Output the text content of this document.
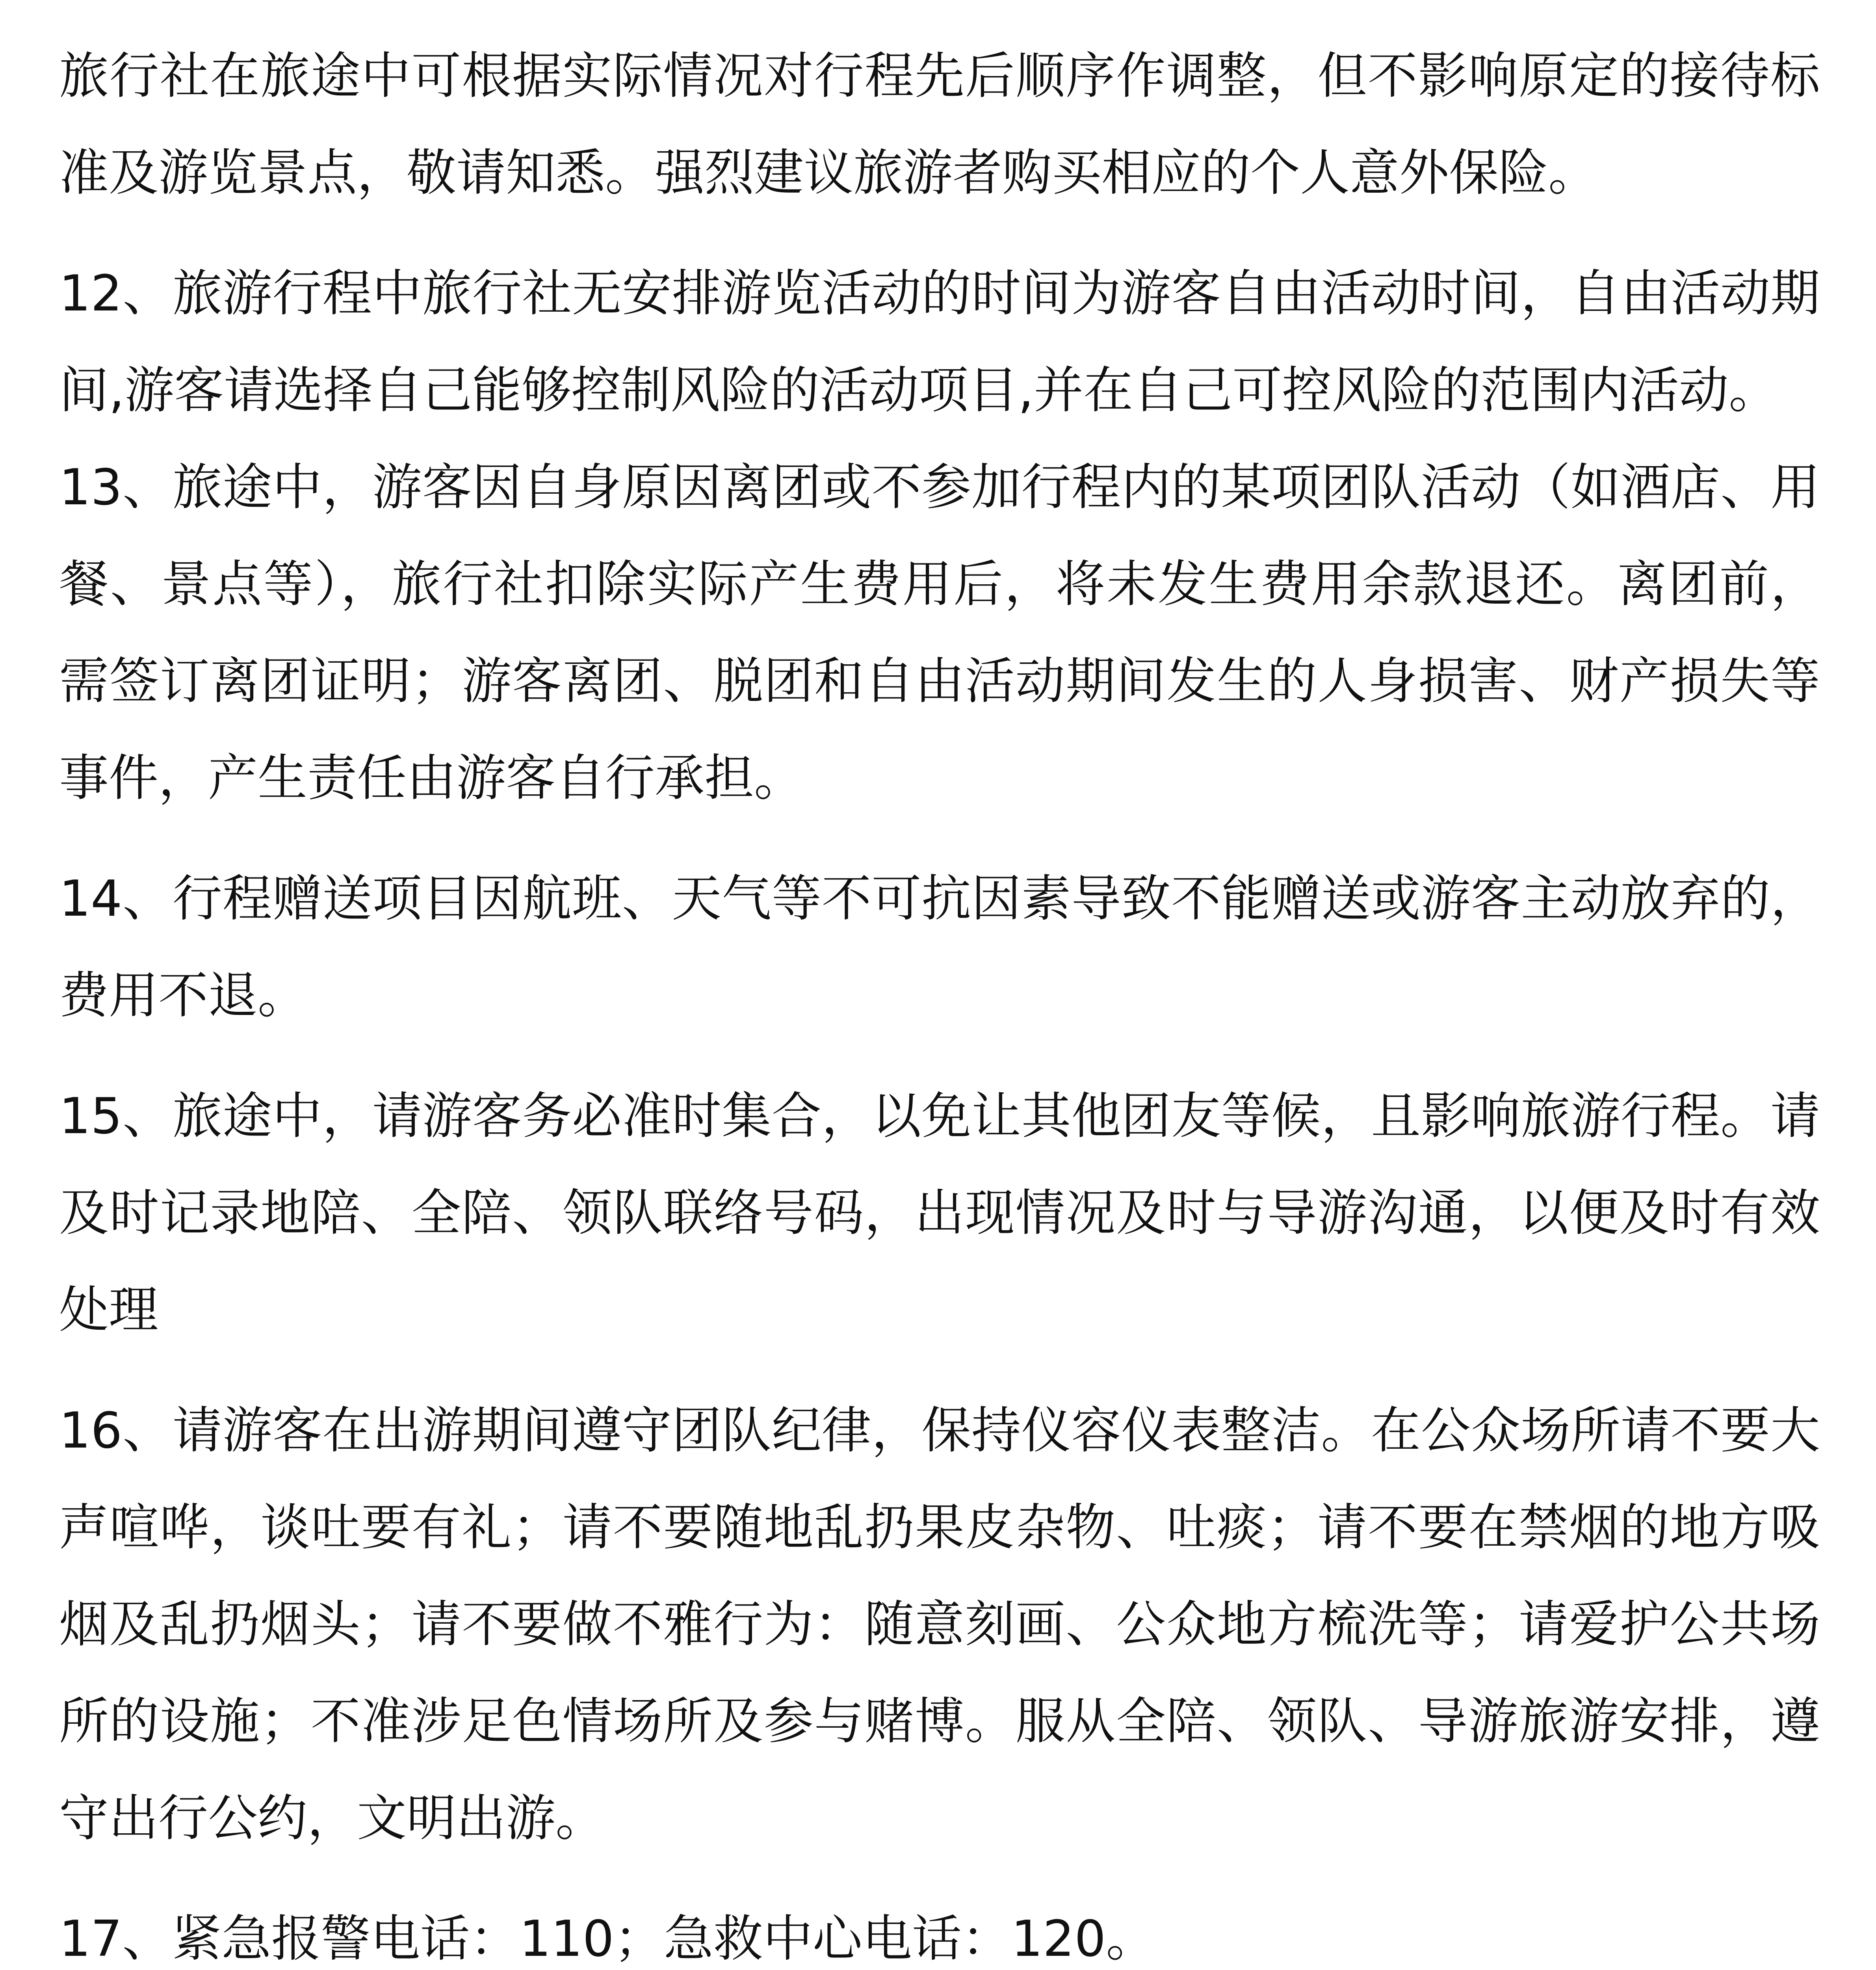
旅行社在旅途中可根据实际情况对行程先后顺序作调整，但不影响原定的接待标准及游览景点，敬请知悉。强烈建议旅游者购买相应的个人意外保险。

12、旅游行程中旅行社无安排游览活动的时间为游客自由活动时间，自由活动期间,游客请选择自己能够控制风险的活动项目,并在自己可控风险的范围内活动。

13、旅途中，游客因自身原因离团或不参加行程内的某项团队活动（如酒店、用餐、景点等），旅行社扣除实际产生费用后，将未发生费用余款退还。离团前，需签订离团证明；游客离团、脱团和自由活动期间发生的人身损害、财产损失等事件，产生责任由游客自行承担。

14、行程赠送项目因航班、天气等不可抗因素导致不能赠送或游客主动放弃的，费用不退。

15、旅途中，请游客务必准时集合，以免让其他团友等候，且影响旅游行程。请及时记录地陪、全陪、领队联络号码，出现情况及时与导游沟通，以便及时有效处理

16、请游客在出游期间遵守团队纪律，保持仪容仪表整洁。在公众场所请不要大声喧哗，谈吐要有礼；请不要随地乱扔果皮杂物、吐痰；请不要在禁烟的地方吸烟及乱扔烟头；请不要做不雅行为：随意刻画、公众地方梳洗等；请爱护公共场所的设施；不准涉足色情场所及参与赌博。服从全陪、领队、导游旅游安排，遵守出行公约，文明出游。

17、紧急报警电话：110；急救中心电话：120。
